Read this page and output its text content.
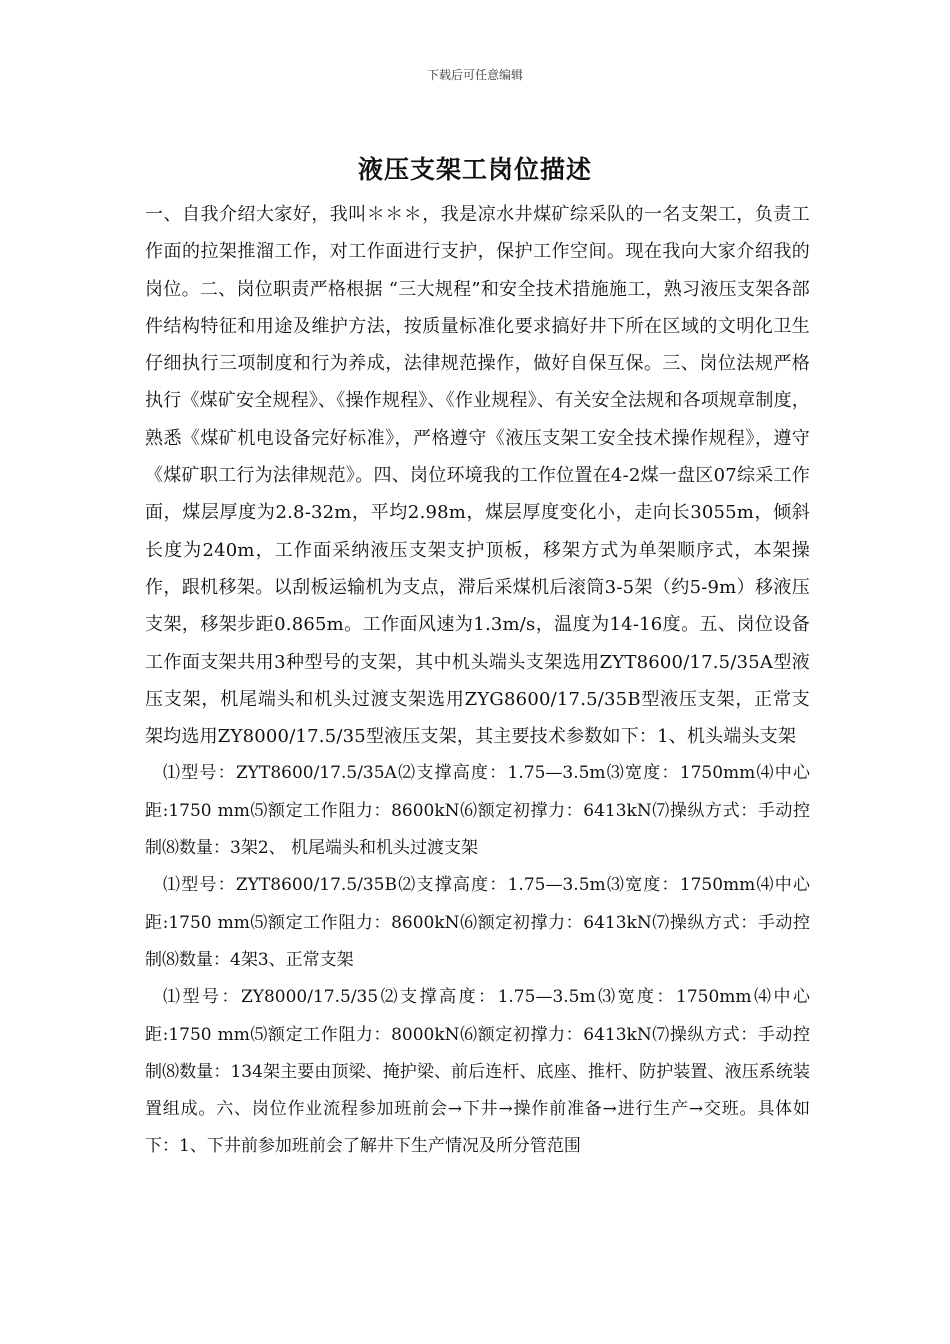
下载后可任意编辑
液压支架工岗位描述

一、自我介绍大家好，我叫＊＊＊，我是凉水井煤矿综采队的一名支架工，负责工作面的拉架推溜工作，对工作面进行支护，保护工作空间。现在我向大家介绍我的岗位。二、岗位职责严格根据 “三大规程”和安全技术措施施工，熟习液压支架各部件结构特征和用途及维护方法，按质量标准化要求搞好井下所在区域的文明化卫生仔细执行三项制度和行为养成，法律规范操作，做好自保互保。三、岗位法规严格执行《煤矿安全规程》、《操作规程》、《作业规程》、有关安全法规和各项规章制度，熟悉《煤矿机电设备完好标准》，严格遵守《液压支架工安全技术操作规程》，遵守《煤矿职工行为法律规范》。四、岗位环境我的工作位置在4-2煤一盘区07综采工作面，煤层厚度为2.8-32m，平均2.98m，煤层厚度变化小，走向长3055m，倾斜长度为240m，工作面采纳液压支架支护顶板，移架方式为单架顺序式，本架操作，跟机移架。以刮板运输机为支点，滞后采煤机后滚筒3-5架（约5-9m）移液压支架，移架步距0.865m。工作面风速为1.3m/s，温度为14-16度。五、岗位设备工作面支架共用3种型号的支架，其中机头端头支架选用ZYT8600/17.5/35A型液压支架，机尾端头和机头过渡支架选用ZYG8600/17.5/35B型液压支架，正常支架均选用ZY8000/17.5/35型液压支架，其主要技术参数如下：1、机头端头支架

⑴型号：ZYT8600/17.5/35A⑵支撑高度：1.75—3.5m⑶宽度：1750mm⑷中心距:1750 mm⑸额定工作阻力：8600kN⑹额定初撑力：6413kN⑺操纵方式：手动控制⑻数量：3架2、 机尾端头和机头过渡支架

⑴型号：ZYT8600/17.5/35B⑵支撑高度：1.75—3.5m⑶宽度：1750mm⑷中心距:1750 mm⑸额定工作阻力：8600kN⑹额定初撑力：6413kN⑺操纵方式：手动控制⑻数量：4架3、正常支架

⑴型号：ZY8000/17.5/35⑵支撑高度：1.75—3.5m⑶宽度：1750mm⑷中心距:1750 mm⑸额定工作阻力：8000kN⑹额定初撑力：6413kN⑺操纵方式：手动控制⑻数量：134架主要由顶梁、掩护梁、前后连杆、底座、推杆、防护装置、液压系统装置组成。六、岗位作业流程参加班前会→下井→操作前准备→进行生产→交班。具体如下：1、下井前参加班前会了解井下生产情况及所分管范围
